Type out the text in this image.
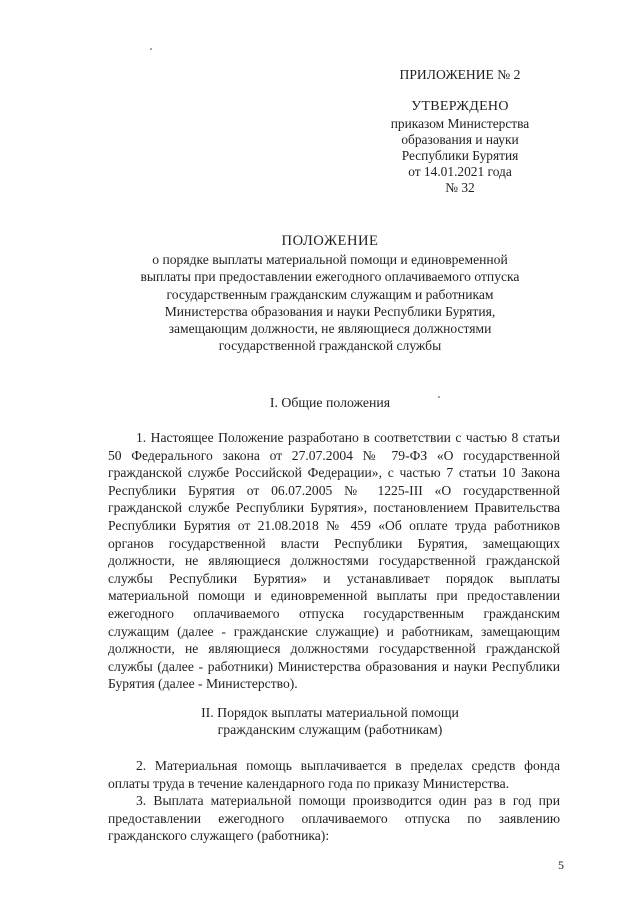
ПРИЛОЖЕНИЕ № 2
УТВЕРЖДЕНО
приказом Министерства
образования и науки
Республики Бурятия
от 14.01.2021 года
№ 32
ПОЛОЖЕНИЕ
о порядке выплаты материальной помощи и единовременной
выплаты при предоставлении ежегодного оплачиваемого отпуска
государственным гражданским служащим и работникам
Министерства образования и науки Республики Бурятия,
замещающим должности, не являющиеся должностями
государственной гражданской службы
I. Общие положения

1. Настоящее Положение разработано в соответствии с частью 8 статьи 50 Федерального закона от 27.07.2004 № 79-ФЗ «О государственной гражданской службе Российской Федерации», с частью 7 статьи 10 Закона Республики Бурятия от 06.07.2005 № 1225-III «О государственной гражданской службе Республики Бурятия», постановлением Правительства Республики Бурятия от 21.08.2018 № 459 «Об оплате труда работников органов государственной власти Республики Бурятия, замещающих должности, не являющиеся должностями государственной гражданской службы Республики Бурятия» и устанавливает порядок выплаты материальной помощи и единовременной выплаты при предоставлении ежегодного оплачиваемого отпуска государственным гражданским служащим (далее - гражданские служащие) и работникам, замещающим должности, не являющиеся должностями государственной гражданской службы (далее - работники) Министерства образования и науки Республики Бурятия (далее - Министерство).

II. Порядок выплаты материальной помощи
гражданским служащим (работникам)

2. Материальная помощь выплачивается в пределах средств фонда оплаты труда в течение календарного года по приказу Министерства.

3. Выплата материальной помощи производится один раз в год при предоставлении ежегодного оплачиваемого отпуска по заявлению гражданского служащего (работника):

5
